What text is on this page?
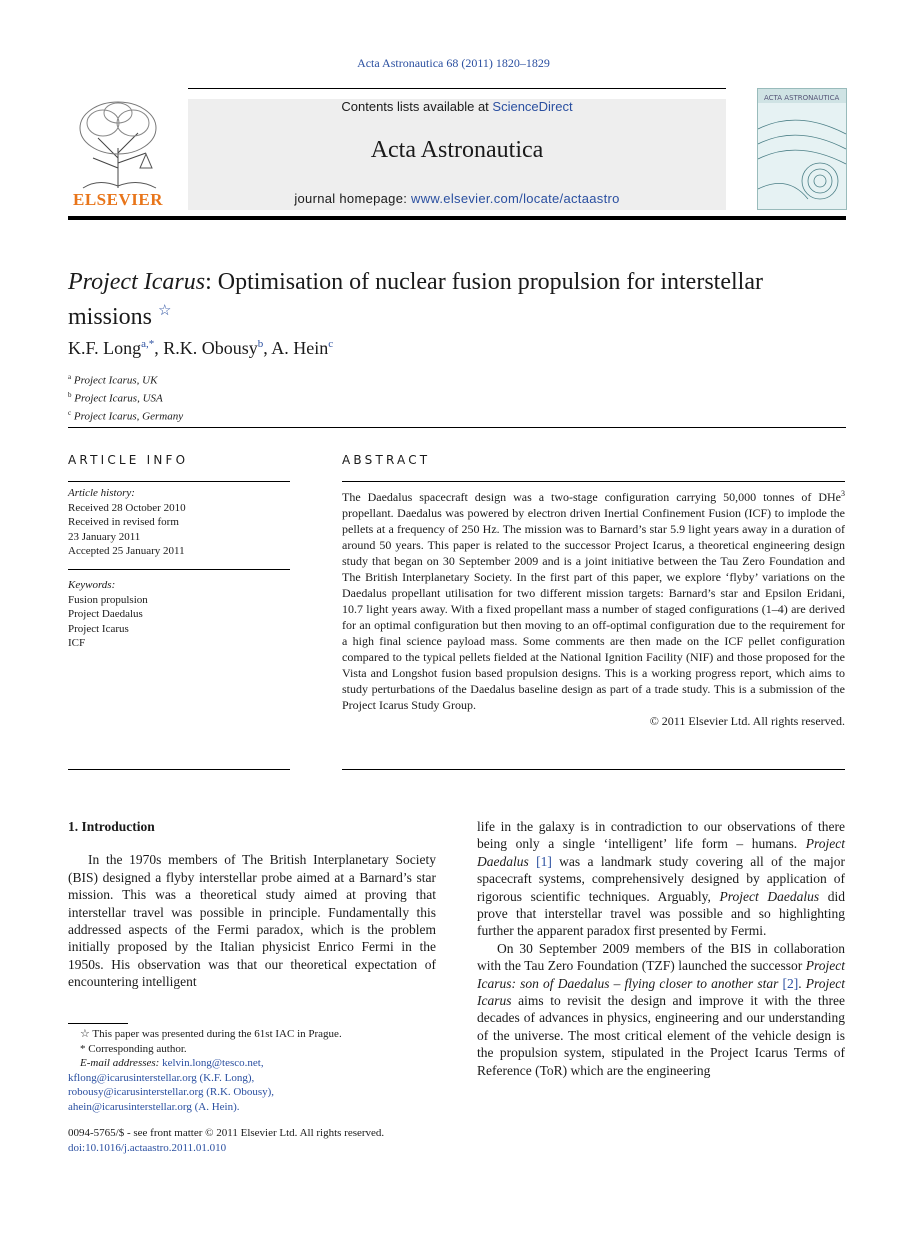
Acta Astronautica 68 (2011) 1820–1829
ELSEVIER
Contents lists available at ScienceDirect
Acta Astronautica
journal homepage: www.elsevier.com/locate/actaastro
ACTA ASTRONAUTICA
Project Icarus: Optimisation of nuclear fusion propulsion for interstellar missions ☆
K.F. Long$^{a,*}$, R.K. Obousy$^b$, A. Hein$^c$
$^a$ Project Icarus, UK
$^b$ Project Icarus, USA
$^c$ Project Icarus, Germany
ARTICLE INFO	ABSTRACT
Article history:
Received 28 October 2010
Received in revised form
23 January 2011
Accepted 25 January 2011
Keywords:
Fusion propulsion
Project Daedalus
Project Icarus
ICF
The Daedalus spacecraft design was a two-stage configuration carrying 50,000 tonnes of DHe$^3$ propellant. Daedalus was powered by electron driven Inertial Confinement Fusion (ICF) to implode the pellets at a frequency of 250 Hz. The mission was to Barnard’s star 5.9 light years away in a duration of around 50 years. This paper is related to the successor Project Icarus, a theoretical engineering design study that began on 30 September 2009 and is a joint initiative between the Tau Zero Foundation and The British Interplanetary Society. In the first part of this paper, we explore ‘flyby’ variations on the Daedalus propellant utilisation for two different mission targets: Barnard’s star and Epsilon Eridani, 10.7 light years away. With a fixed propellant mass a number of staged configurations (1–4) are derived for an optimal configuration but then moving to an off-optimal configuration due to the requirement for a high final science payload mass. Some comments are then made on the ICF pellet configuration compared to the typical pellets fielded at the National Ignition Facility (NIF) and those proposed for the Vista and Longshot fusion based propulsion designs. This is a working progress report, which aims to study perturbations of the Daedalus baseline design as part of a trade study. This is a submission of the Project Icarus Study Group.
© 2011 Elsevier Ltd. All rights reserved.
1. Introduction

In the 1970s members of The British Interplanetary Society (BIS) designed a flyby interstellar probe aimed at a Barnard’s star mission. This was a theoretical study aimed at proving that interstellar travel was possible in principle. Fundamentally this addressed aspects of the Fermi paradox, which is the problem initially proposed by the Italian physicist Enrico Fermi in the 1950s. His observation was that our theoretical expectation of encountering intelligent

life in the galaxy is in contradiction to our observations of there being only a single ‘intelligent’ life form – humans. Project Daedalus [1] was a landmark study covering all of the major spacecraft systems, comprehensively designed by application of rigorous scientific techniques. Arguably, Project Daedalus did prove that interstellar travel was possible and so highlighting further the apparent paradox first presented by Fermi.

On 30 September 2009 members of the BIS in collaboration with the Tau Zero Foundation (TZF) launched the successor Project Icarus: son of Daedalus – flying closer to another star [2]. Project Icarus aims to revisit the design and improve it with the three decades of advances in physics, engineering and our understanding of the universe. The most critical element of the vehicle design is the propulsion system, stipulated in the Project Icarus Terms of Reference (ToR) which are the engineering

☆ This paper was presented during the 61st IAC in Prague.
* Corresponding author.
E-mail addresses: kelvin.long@tesco.net,
kflong@icarusinterstellar.org (K.F. Long),
robousy@icarusinterstellar.org (R.K. Obousy),
ahein@icarusinterstellar.org (A. Hein).
0094-5765/$ - see front matter © 2011 Elsevier Ltd. All rights reserved.
doi:10.1016/j.actaastro.2011.01.010
